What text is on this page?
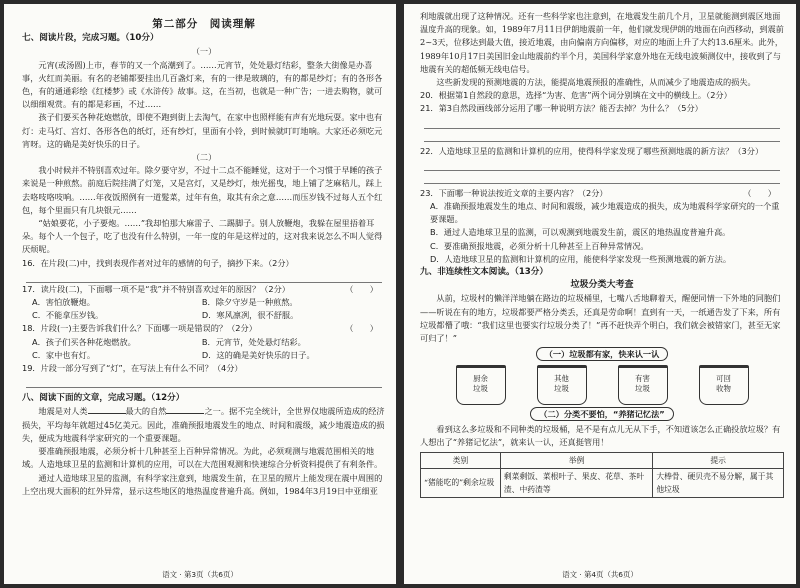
第二部分　阅读理解
七、阅读片段，完成习题。（10分）
（一）
元宵(或汤圆)上市，春节的又一个高潮到了。……元宵节，处处悬灯结彩，整条大街像是办喜事，火红而美丽。有名的老铺都要挂出几百盏灯来，有的一律是玻璃的，有的都是纱灯；有的各形各色，有的通通彩绘《红楼梦》或《水浒传》故事。这，在当初，也就是一种广告；一进去购物，就可以细细观赏。有的都是彩画，不过……
孩子们要买各种花炮燃放，即使不跑到街上去淘气，在家中也照样能有声有光地玩耍。家中也有灯：走马灯、宫灯、各形各色的纸灯，还有纱灯，里面有小铃，到时候就叮叮地响。大家还必须吃元宵呀。这的确是美好快乐的日子。
（二）
我小时候并不特别喜欢过年。除夕要守岁，不过十二点不能睡觉，这对于一个习惯于早睡的孩子来说是一种煎熬。前庭后院挂满了灯笼，又是宫灯，又是纱灯，烛光摇曳，地上铺了芝麻秸儿，踩上去咯吱咯吱响。……年夜饭照例有一道髮菜，过年有鱼，取其有余之意……而压岁钱不过每人五个红包，每个里面只有几块银元……
“姑娘要花，小子要炮。……”我却怕那大麻雷子、二踢脚子。别人放鞭炮，我躲在屋里捂着耳朵。每个人一个包子，吃了也没有什么特别，一年一度的年是这样过的，这对我来说怎么不叫人觉得厌烦呢。
16．在片段(二)中，找到表现作者对过年的感情的句子，摘抄下来。（2分）
（　　）
17．读片段(二)，下面哪一项不是“我”并不特别喜欢过年的原因？（2分）
A．害怕放鞭炮。	B．除夕守岁是一种煎熬。
C．不能拿压岁钱。	D．寒风凛冽，很不舒服。
（　　）
18．片段(一)主要告诉我们什么？下面哪一项是错误的？（2分）
A．孩子们买各种花炮燃放。	B．元宵节，处处悬灯结彩。
C．家中也有灯。	D．这的确是美好快乐的日子。
19．片段一部分写到了“灯”，在写法上有什么不同？（4分）
八、阅读下面的文章，完成习题。（12分）
地震是对人类	最大的自然	之一。据不完全统计，全世界仅地震所造成的经济损失，平均每年就超过45亿美元。因此，准确预报地震发生的地点、时间和震级，减少地震造成的损失，便成为地震科学家研究的一个重要课题。
要准确预报地震，必须分析十几种甚至上百种异常情况。为此，必须观测与地震范围相关的地域。人造地球卫星的监测和计算机的应用，可以在大范围观测和快速综合分析资料提供了有利条件。
通过人造地球卫星的监测，有科学家注意到，地震发生前，在卫星的照片上能发现在震中周围的上空出现大面积的红外异常，显示这些地区的地热温度普遍升高。例如，1984年3月19日中亚细亚
语文 · 第3页（共6页）
利地震就出现了这种情况。还有一些科学家也注意到，在地震发生前几个月，卫星就能测到震区地面温度升高的现象。如，1989年7月11日伊朗地震前一年，他们就发现伊朗的地面在向西移动，到震前2~3天，位移达到最大值，接近地震，由向偏南方向偏移，对应的地面上升了大约13.6厘米。此外，1989年10月17日美国旧金山地震前约半个月，美国科学家意外地在无线电波频测仪中，接收到了与地震有关的超低频无线电信号。
这些新发现的预测地震的方法，能提高地震预报的准确性，从而减少了地震造成的损失。
20．根据第1自然段的意思，选择“为害、危害”两个词分别填在文中的横线上。（2分）
21．第3自然段画线部分运用了哪一种说明方法？能否去掉？为什么？（5分）
22．人造地球卫星的监测和计算机的应用，使得科学家发现了哪些预测地震的新方法？（3分）
（　　）
23．下面哪一种说法按近文章的主要内容？（2分）
A．准确预报地震发生的地点、时间和震级，减少地震造成的损失，成为地震科学家研究的一个重要课题。
B．通过人造地球卫星的监测，可以观测到地震发生前，震区的地热温度普遍升高。
C．要准确预报地震，必须分析十几种甚至上百种异常情况。
D．人造地球卫星的监测和计算机的应用，能使科学家发现一些预测地震的新方法。
九、非连续性文本阅读。（13分）
垃圾分类大考查
从前，垃圾村的懒洋洋地躺在路边的垃圾桶里，七嘴八舌地聊着天，醒便同情一下外地的同胞们——听说在有的地方，垃圾都要严格分类丢，还真是劳命啊！直到有一天，一纸通告发了下来，所有垃圾都懵了哦：“我们这里也要实行垃圾分类了！”再不赶快弄个明白，我们就会被错家门，甚至无家可归了！”
（一）垃圾都有家，快来认一认
厨余
垃圾
其他
垃圾
有害
垃圾
可回
收物
（二）分类不要怕，“养猪记忆法”
看到这么多垃圾和不同种类的垃圾桶，是不是有点儿无从下手，不知道该怎么正确投放垃圾？有人想出了“养猪记忆法”，就来认一认，还真挺管用！
类别	举例	提示
“猪能吃的”剩余垃圾	剩菜剩饭、菜根叶子、果皮、花草、茶叶渣、中药渣等	大棒骨、硬贝壳不易分解，属于其他垃圾
语文 · 第4页（共6页）
